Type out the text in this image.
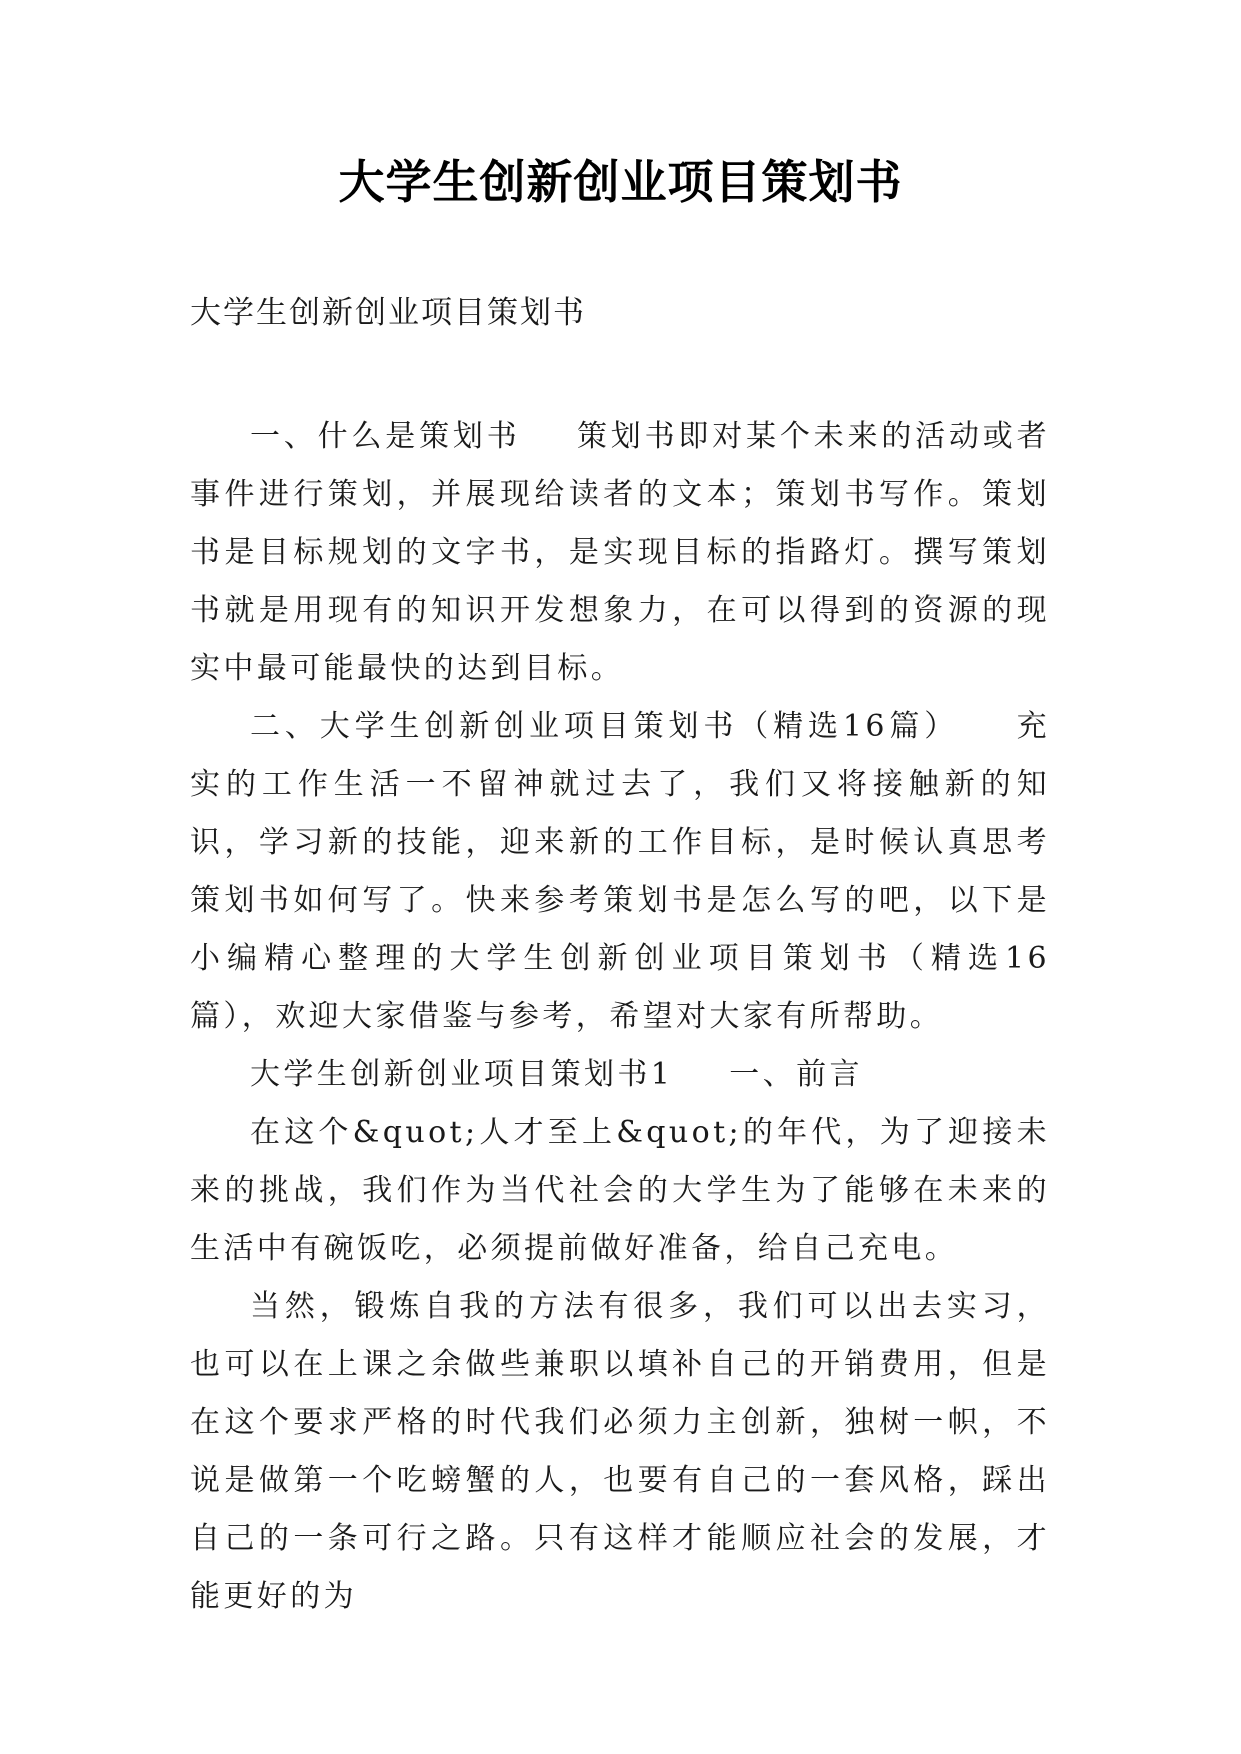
大学生创新创业项目策划书
大学生创新创业项目策划书

一、什么是策划书 策划书即对某个未来的活动或者事件进行策划，并展现给读者的文本；策划书写作。策划书是目标规划的文字书，是实现目标的指路灯。撰写策划书就是用现有的知识开发想象力，在可以得到的资源的现实中最可能最快的达到目标。

二、大学生创新创业项目策划书（精选16篇） 充实的工作生活一不留神就过去了，我们又将接触新的知识，学习新的技能，迎来新的工作目标，是时候认真思考策划书如何写了。快来参考策划书是怎么写的吧，以下是小编精心整理的大学生创新创业项目策划书（精选16篇），欢迎大家借鉴与参考，希望对大家有所帮助。

大学生创新创业项目策划书1 一、前言

在这个&quot;人才至上&quot;的年代，为了迎接未来的挑战，我们作为当代社会的大学生为了能够在未来的生活中有碗饭吃，必须提前做好准备，给自己充电。

当然，锻炼自我的方法有很多，我们可以出去实习，也可以在上课之余做些兼职以填补自己的开销费用，但是在这个要求严格的时代我们必须力主创新，独树一帜，不说是做第一个吃螃蟹的人，也要有自己的一套风格，踩出自己的一条可行之路。只有这样才能顺应社会的发展，才能更好的为
